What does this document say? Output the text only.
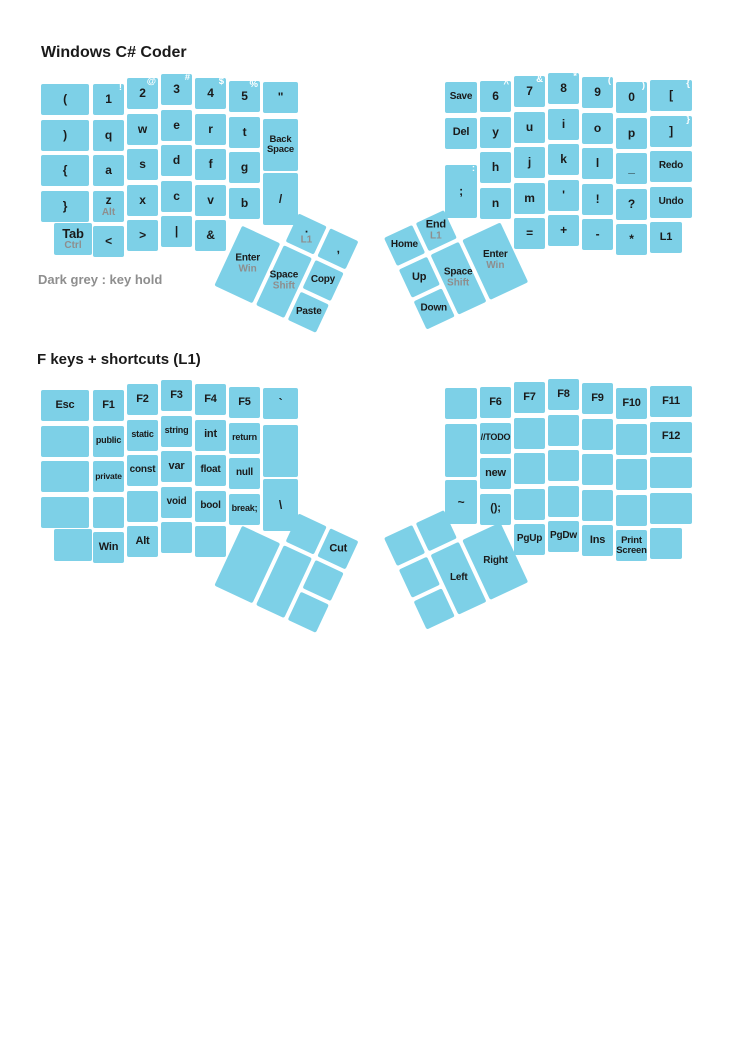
Windows C# Coder
Dark grey : key hold
F keys + shortcuts (L1)
(
)
{
}
1
!
q
a
z
Alt
<
2
@
w
s
x
>
3
#
e
d
c
|
4
$
r
f
v
&
5
%
t
g
b
"
Back Space
/
Tab
Ctrl
Save
Del
;
:
6
^
y
h
n
7
&
u
j
m
=
8
*
i
k
'
+
9
(
o
l
!
-
0
)
p
_
?
*
[
{
]
}
Redo
Undo
L1
.
L1
,
Enter
Win
Space
Shift
Copy
Paste
Home
End
L1
Up Space
Shift
Down
Enter
Win
Esc	F1
public
private
Win
F2
static
const
Alt
F3
string
var
void
F4
int
float
bool
F5
return
null
break;
`
\	~
F6
//TODO
new
();
F7
PgUp
F8
PgDw
F9
Ins
F10
Print Screen
F11
F12
Cut
Left
Right
